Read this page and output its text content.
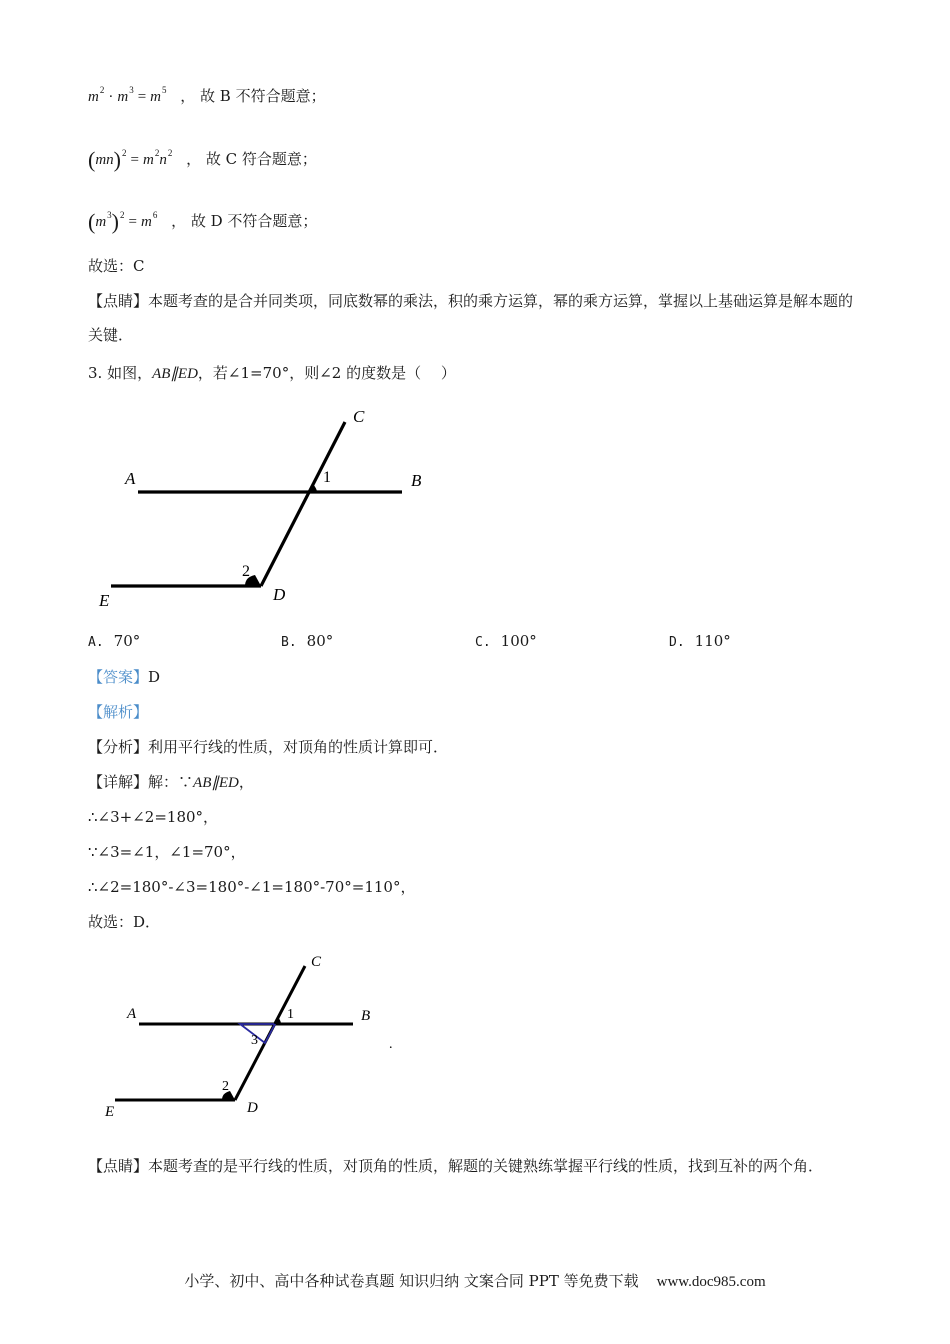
$m^2 \cdot m^3 = m^5$ ， 故 B 不符合题意；
$(mn)^2 = m^2n^2$ ， 故 C 符合题意；
$(m^3)^2 = m^6$ ， 故 D 不符合题意；
故选：C
【点睛】本题考查的是合并同类项，同底数幂的乘法，积的乘方运算，幂的乘方运算，掌握以上基础运算是解本题的关键．
3. 如图，AB∥ED，若∠1=70°，则∠2 的度数是（　 ）
A	B
C
D
E
1
2
A. 70°	B. 80°	C. 100°	D. 110°
【答案】D
【解析】
【分析】利用平行线的性质，对顶角的性质计算即可．
【详解】解：∵AB∥ED，
∴∠3+∠2=180°，
∵∠3=∠1，∠1=70°，
∴∠2=180°-∠3=180°-∠1=180°-70°=110°，
故选：D．
A	B
C
D
E
1
2
3	.
【点睛】本题考查的是平行线的性质，对顶角的性质，解题的关键熟练掌握平行线的性质，找到互补的两个角．
小学、初中、高中各种试卷真题 知识归纳 文案合同 PPT 等免费下载 www.doc985.com
